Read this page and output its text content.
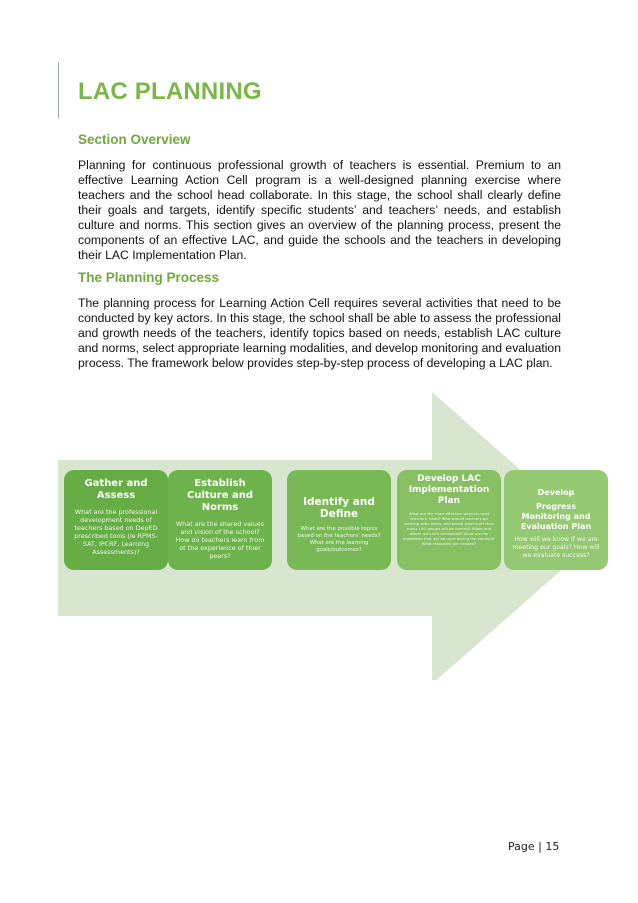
LAC PLANNING
Section Overview

Planning for continuous professional growth of teachers is essential. Premium to an effective Learning Action Cell program is a well-designed planning exercise where teachers and the school head collaborate. In this stage, the school shall clearly define their goals and targets, identify specific students’ and teachers’ needs, and establish culture and norms. This section gives an overview of the planning process, present the components of an effective LAC, and guide the schools and the teachers in developing their LAC Implementation Plan.

The Planning Process

The planning process for Learning Action Cell requires several activities that need to be conducted by key actors. In this stage, the school shall be able to assess the professional and growth needs of the teachers, identify topics based on needs, establish LAC culture and norms, select appropriate learning modalities, and develop monitoring and evaluation process. The framework below provides step-by-step process of developing a LAC plan.

Gather and Assess
What are the professional development needs of teachers based on DepED prescribed tools (ie RPMS-SAT, IPCRF, Learning Assessments)?
Establish Culture and Norms
What are the shared values and vision of the school? How do teachers learn from ot the experience of thier peers?
Identify and Define
What are the possible topics based on the teachers’ needs? What are the learning goals/outcomes?
Develop LAC Implementation Plan
What are the most effective ways to meet teachers’ need? Who should teachers be working with: when, and based what end? How many LAC groups will be formed? When and where are LACs conducted? What are the modalities that will be used during the conduct? What resources are needed?
Develop
Progress Monitoring and Evaluation Plan
How will we know if we are meeting our goals? How will we evaluate success?
Page | 15
